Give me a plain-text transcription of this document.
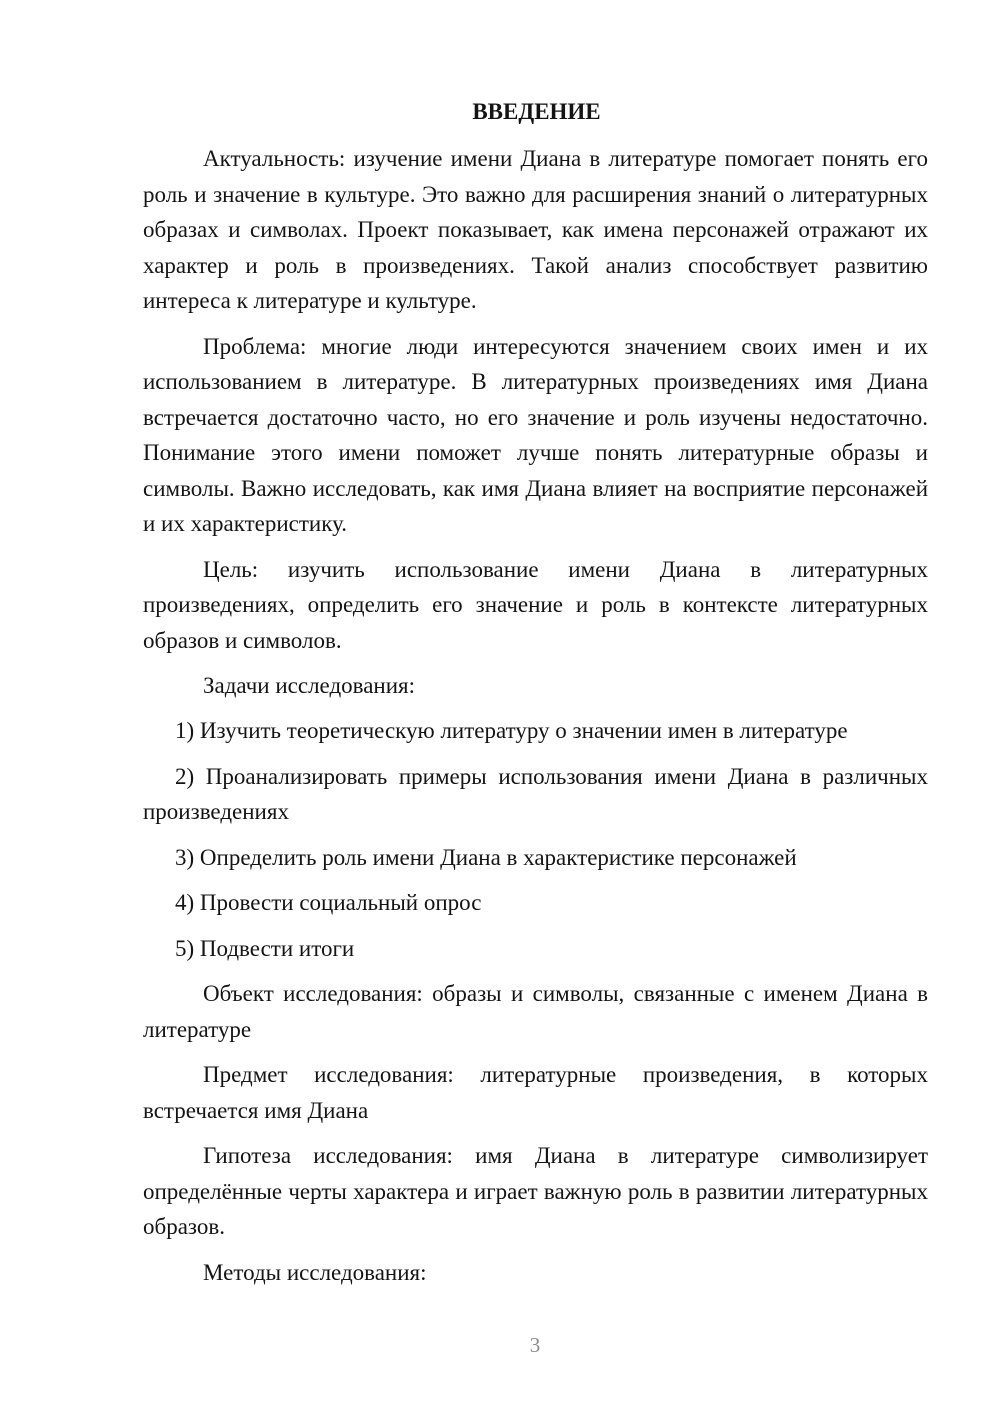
ВВЕДЕНИЕ

Актуальность: изучение имени Диана в литературе помогает понять его роль и значение в культуре. Это важно для расширения знаний о литературных образах и символах. Проект показывает, как имена персонажей отражают их характер и роль в произведениях. Такой анализ способствует развитию интереса к литературе и культуре.

Проблема: многие люди интересуются значением своих имен и их использованием в литературе. В литературных произведениях имя Диана встречается достаточно часто, но его значение и роль изучены недостаточно. Понимание этого имени поможет лучше понять литературные образы и символы. Важно исследовать, как имя Диана влияет на восприятие персонажей и их характеристику.

Цель: изучить использование имени Диана в литературных произведениях, определить его значение и роль в контексте литературных образов и символов.

Задачи исследования:

1) Изучить теоретическую литературу о значении имен в литературе

2) Проанализировать примеры использования имени Диана в различных произведениях

3) Определить роль имени Диана в характеристике персонажей

4) Провести социальный опрос

5) Подвести итоги

Объект исследования: образы и символы, связанные с именем Диана в литературе

Предмет исследования: литературные произведения, в которых встречается имя Диана

Гипотеза исследования: имя Диана в литературе символизирует определённые черты характера и играет важную роль в развитии литературных образов.

Методы исследования:

3
